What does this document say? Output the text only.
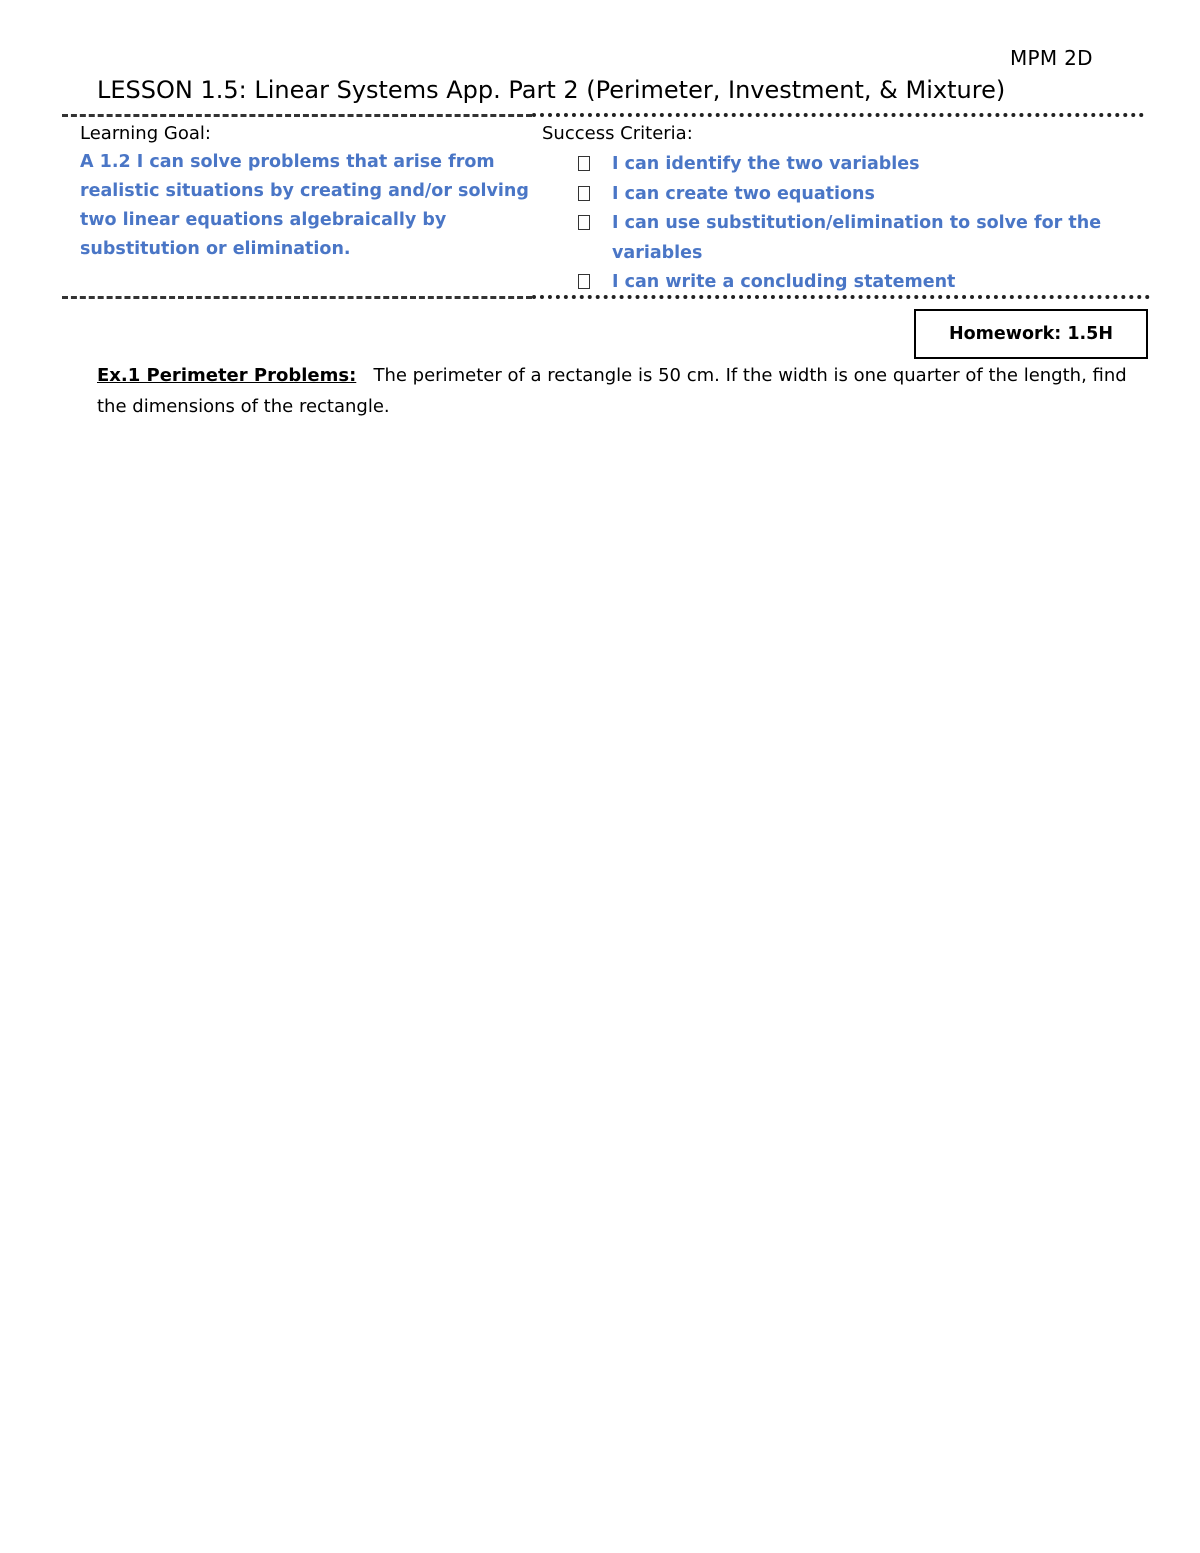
MPM 2D
LESSON 1.5: Linear Systems App. Part 2 (Perimeter, Investment, & Mixture)
Learning Goal:
A 1.2 I can solve problems that arise from realistic situations by creating and/or solving two linear equations algebraically by substitution or elimination.
Success Criteria:
I can identify the two variables
I can create two equations
I can use substitution/elimination to solve for the variables
I can write a concluding statement
Homework: 1.5H
Ex.1 Perimeter Problems: The perimeter of a rectangle is 50 cm. If the width is one quarter of the length, find the dimensions of the rectangle.
